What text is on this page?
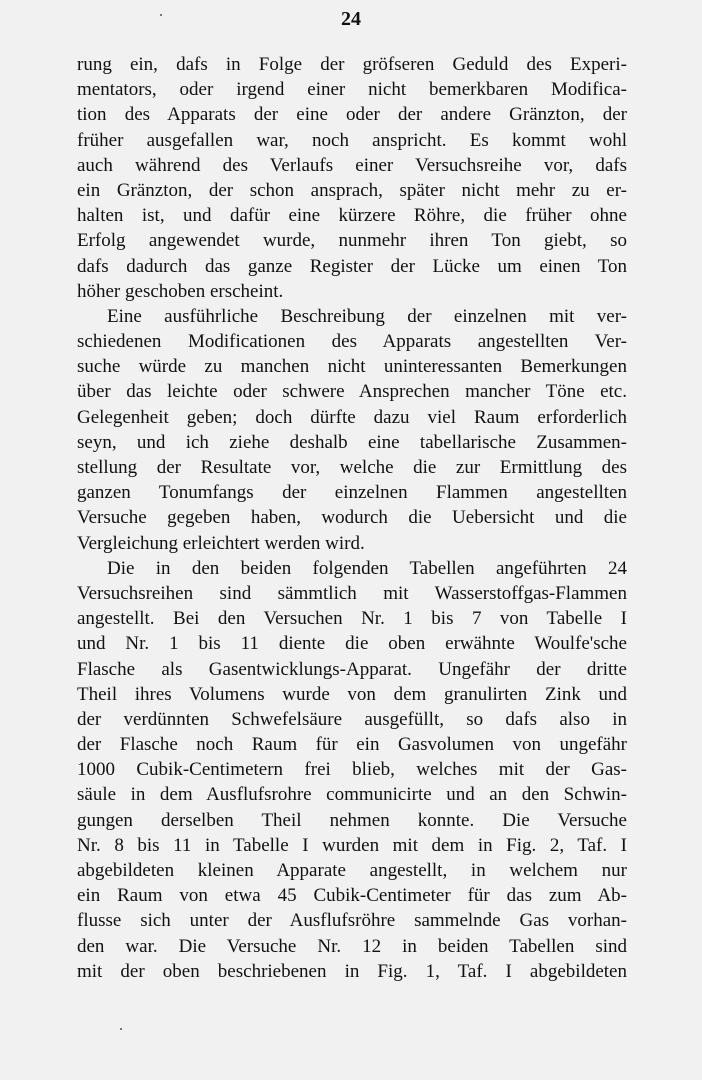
24
rung ein, dafs in Folge der gröfseren Geduld des Experi-
mentators, oder irgend einer nicht bemerkbaren Modifica-
tion des Apparats der eine oder der andere Gränzton, der
früher ausgefallen war, noch anspricht. Es kommt wohl
auch während des Verlaufs einer Versuchsreihe vor, dafs
ein Gränzton, der schon ansprach, später nicht mehr zu er-
halten ist, und dafür eine kürzere Röhre, die früher ohne
Erfolg angewendet wurde, nunmehr ihren Ton giebt, so
dafs dadurch das ganze Register der Lücke um einen Ton
höher geschoben erscheint.
Eine ausführliche Beschreibung der einzelnen mit ver-
schiedenen Modificationen des Apparats angestellten Ver-
suche würde zu manchen nicht uninteressanten Bemerkungen
über das leichte oder schwere Ansprechen mancher Töne etc.
Gelegenheit geben; doch dürfte dazu viel Raum erforderlich
seyn, und ich ziehe deshalb eine tabellarische Zusammen-
stellung der Resultate vor, welche die zur Ermittlung des
ganzen Tonumfangs der einzelnen Flammen angestellten
Versuche gegeben haben, wodurch die Uebersicht und die
Vergleichung erleichtert werden wird.
Die in den beiden folgenden Tabellen angeführten 24
Versuchsreihen sind sämmtlich mit Wasserstoffgas-Flammen
angestellt. Bei den Versuchen Nr. 1 bis 7 von Tabelle I
und Nr. 1 bis 11 diente die oben erwähnte Woulfe'sche
Flasche als Gasentwicklungs-Apparat. Ungefähr der dritte
Theil ihres Volumens wurde von dem granulirten Zink und
der verdünnten Schwefelsäure ausgefüllt, so dafs also in
der Flasche noch Raum für ein Gasvolumen von ungefähr
1000 Cubik-Centimetern frei blieb, welches mit der Gas-
säule in dem Ausflufsrohre communicirte und an den Schwin-
gungen derselben Theil nehmen konnte. Die Versuche
Nr. 8 bis 11 in Tabelle I wurden mit dem in Fig. 2, Taf. I
abgebildeten kleinen Apparate angestellt, in welchem nur
ein Raum von etwa 45 Cubik-Centimeter für das zum Ab-
flusse sich unter der Ausflufsröhre sammelnde Gas vorhan-
den war. Die Versuche Nr. 12 in beiden Tabellen sind
mit der oben beschriebenen in Fig. 1, Taf. I abgebildeten
